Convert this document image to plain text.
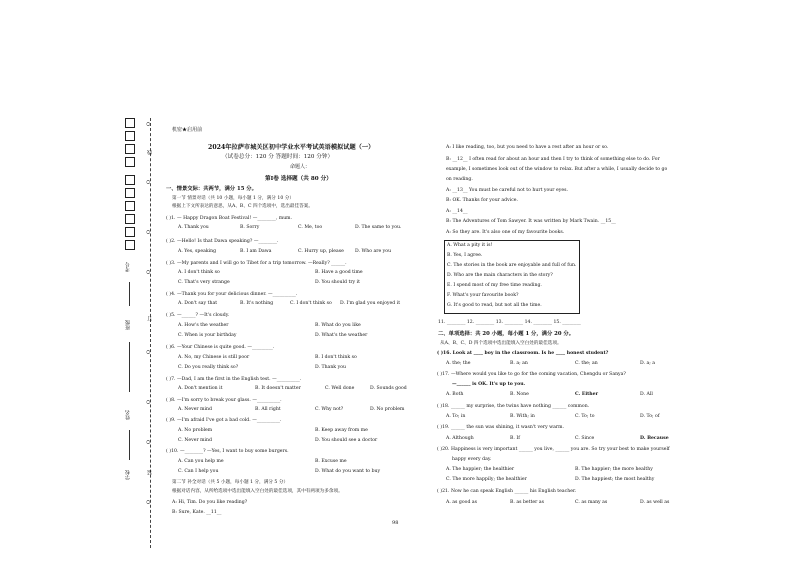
考号
班级
姓名
学校
O
线
O
O
O
订
O
O
O
装
O
机密★启用前
2024年拉萨市城关区初中学业水平考试英语模拟试题（一）
（试卷总分：120 分 答题时间：120 分钟）
命题人：
第Ⅰ卷 选择题（共 80 分）
一、情景交际：共两节，满分 15 分。
第一节 情景对话（共 10 小题，每小题 1 分，满分 10 分）
根据上下文所表达的意思，从A、B、C 四个选项中，选出最佳答案。
( )1. — Happy Dragon Boat Festival! —________, mum.
A. Thank you	B. Sorry	C. Me, too	D. The same to you.
( )2. —Hello! Is that Dawa speaking? —________.
A. Yes, speaking	B. I am Dawa	C. Hurry up, please D. Who are you
( )3. —My parents and I will go to Tibet for a trip tomorrow. —Really? ______.
A. I don't think so	B. Have a good time
C. That's very strange	D. You should try it
( )4. —Thank you for your delicious dinner. —__________.
A. Don't say that	B. It's nothing	C. I don't think so D. I'm glad you enjoyed it
( )5. —______? —It's cloudy.
A. How's the weather	B. What do you like
C. When is your birthday	D. What's the weather
( )6. —Your Chinese is quite good. —_________.
A. No, my Chinese is still poor	B. I don't think so
C. Do you really think so?	D. Thank you
( )7. —Dad, I am the first in the English test. —__________.
A. Don't mention it	B. It doesn't matter	C. Well done	D. Sounds good
( )8. —I'm sorry to break your glass. —__________.
A. Never mind	B. All right	C. Why not?	D. No problem
( )9. —I'm afraid I've got a bad cold. —__________.
A. No problem	B. Keep away from me
C. Never mind	D. You should see a doctor
( )10. —________? —Yes, I want to buy some burgers.
A. Can you help me	B. Excuse me
C. Can I help you	D. What do you want to buy
第二节 补全对话（共 5 小题，每小题 1 分，满分 5 分）
根据对话内容，从所给选项中选出能填入空白处的最佳选项，其中有两项为多余项。
A: Hi, Tim. Do you like reading?
B: Sure, Kate. __11__
A: I like reading, too, but you need to have a rest after an hour or so.
B: __12__ I often read for about an hour and then I try to think of something else to do. For
example, I sometimes look out of the window to relax. But after a while, I usually decide to go
on reading.
A: __13__ You must be careful not to hurt your eyes.
B: OK. Thanks for your advice.
A: __14__
B: The Adventures of Tom Sawyer. It was written by Mark Twain. __15__
A: So they are. It's also one of my favourite books.
A. What a pity it is!
B. Yes, I agree.
C. The stories in the book are enjoyable and full of fun.
D. Who are the main characters in the story?
E. I spend most of my free time reading.
F. What's your favourite book?
G. It's good to read, but not all the time.
11. ________ 12. ________ 13. ________ 14. ________ 15. ________
二、单项选择：共 20 小题，每小题 1 分，满分 20 分。
从A、B、C、D 四个选项中选出能填入空白处的最佳选项。
( )16. Look at ____ boy in the classroom. Is he ____ honest student?
A. the; the	B. a; an	C. the; an	D. a; a
( )17. —Where would you like to go for the coming vacation, Chengdu or Sanya?
—______ is OK. It's up to you.
A. Both	B. None	C. Either	D. All
( )18. ______ my surprise, the twins have nothing ______ common.
A. To; in	B. With; in	C. To; to	D. To; of
( )19. ______ the sun was shining, it wasn't very warm.
A. Although	B. If	C. Since	D. Because
( )20. Happiness is very important ______ you live, ______ you are. So try your best to make yourself
happy every day.
A. The happier; the healthier	B. The happier; the more healthy
C. The more happily; the healthier	D. The happiest; the most healthy
( )21. Now he can speak English ______ his English teacher.
A. as good as	B. as better as	C. as many as	D. as well as
98
